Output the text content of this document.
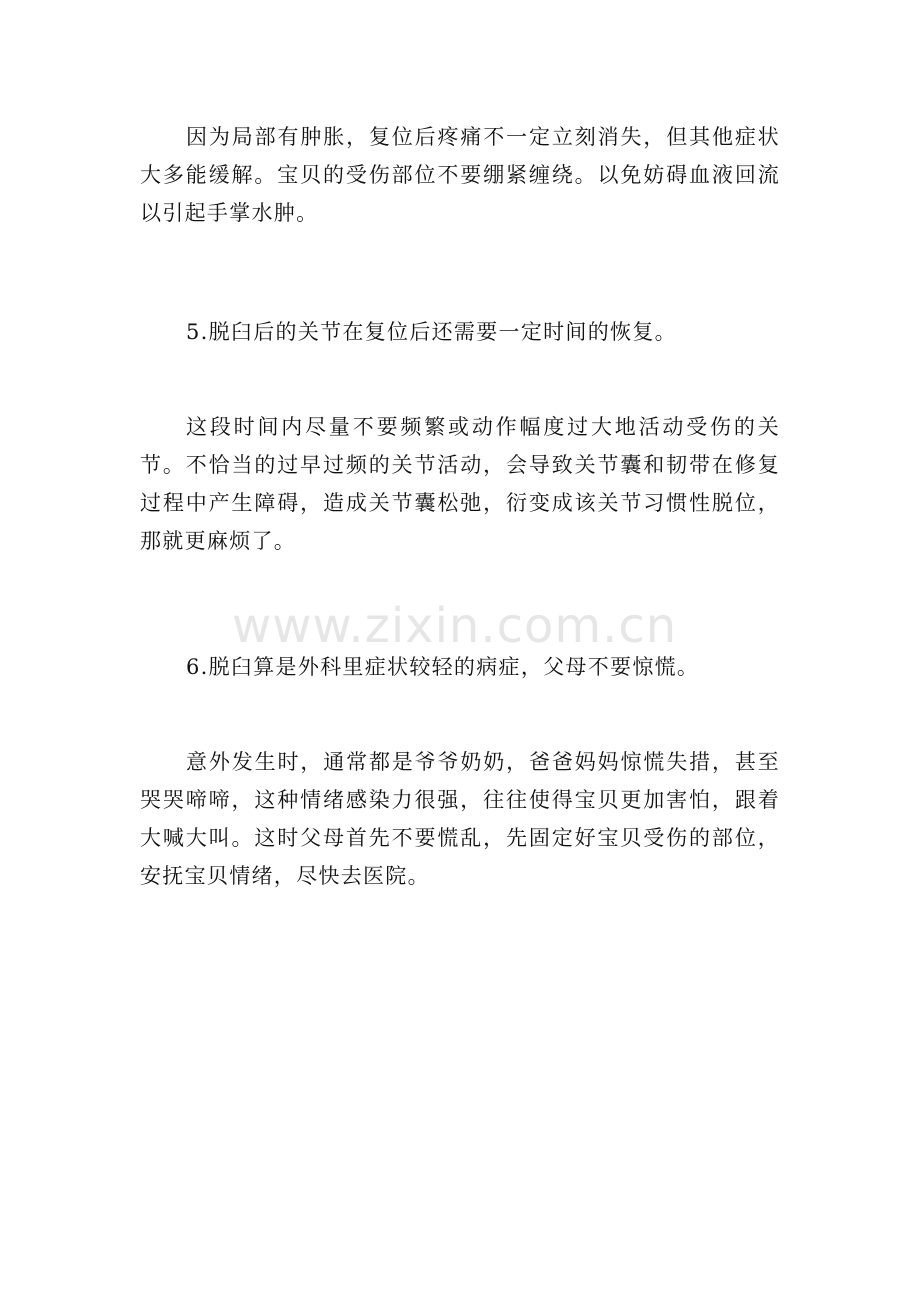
因为局部有肿胀，复位后疼痛不一定立刻消失，但其他症状大多能缓解。宝贝的受伤部位不要绷紧缠绕。以免妨碍血液回流以引起手掌水肿。

5.脱臼后的关节在复位后还需要一定时间的恢复。

这段时间内尽量不要频繁或动作幅度过大地活动受伤的关节。不恰当的过早过频的关节活动，会导致关节囊和韧带在修复过程中产生障碍，造成关节囊松弛，衍变成该关节习惯性脱位，那就更麻烦了。

www.zixin.com.cn

6.脱臼算是外科里症状较轻的病症，父母不要惊慌。

意外发生时，通常都是爷爷奶奶，爸爸妈妈惊慌失措，甚至哭哭啼啼，这种情绪感染力很强，往往使得宝贝更加害怕，跟着大喊大叫。这时父母首先不要慌乱，先固定好宝贝受伤的部位，安抚宝贝情绪，尽快去医院。
